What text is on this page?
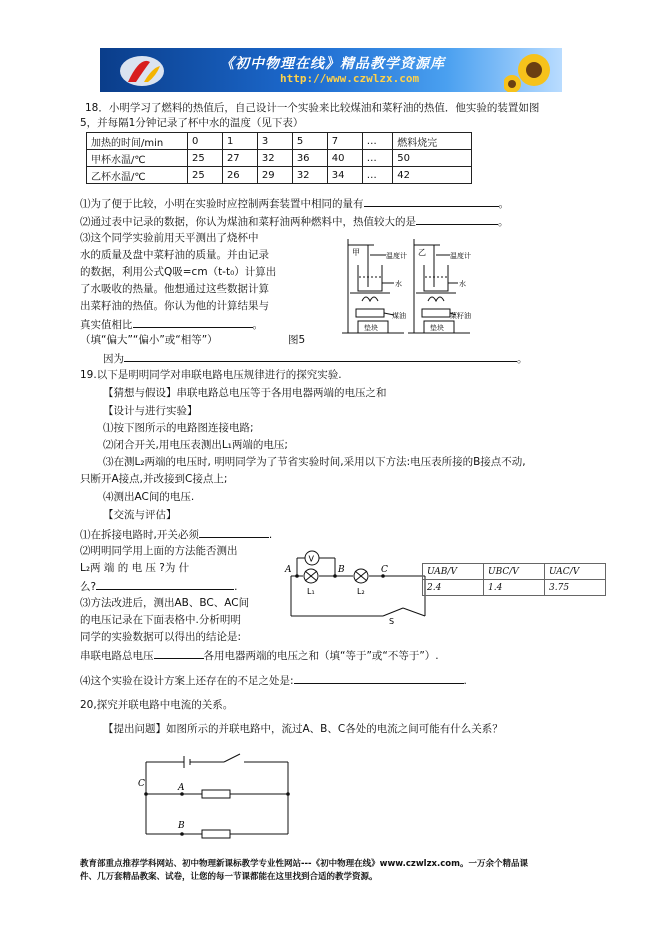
《初中物理在线》精品教学资源库
http://www.czwlzx.com
18．小明学习了燃料的热值后，自己设计一个实验来比较煤油和菜籽油的热值．他实验的装置如图
5，并每隔1分钟记录了杯中水的温度（见下表）
加热的时间/min	0	1	3	5	7	…	燃料烧完
甲杯水温/℃	25	27	32	36	40	…	50
乙杯水温/℃	25	26	29	32	34	…	42
⑴为了便于比较，小明在实验时应控制两套装置中相同的量有	。
⑵通过表中记录的数据，你认为煤油和菜籽油两种燃料中，热值较大的是	。
⑶这个同学实验前用天平测出了烧杯中
水的质量及盘中菜籽油的质量。并由记录
的数据，利用公式Q吸=cm（t-t₀）计算出
了水吸收的热量。他想通过这些数据计算
出菜籽油的热值。你认为他的计算结果与
真实值相比	。
（填“偏大”“偏小”或“相等”）	图5
因为	。
甲	乙
温度计	温度计
水	水
煤油	菜籽油
垫块	垫块
19.以下是明明同学对串联电路电压规律进行的探究实验.
【猜想与假设】串联电路总电压等于各用电器两端的电压之和
【设计与进行实验】
⑴按下图所示的电路图连接电路;
⑵闭合开关,用电压表测出L₁两端的电压;
⑶在测L₂两端的电压时, 明明同学为了节省实验时间,采用以下方法:电压表所接的B接点不动,
只断开A接点,并改接到C接点上;
⑷测出AC间的电压.
【交流与评估】
⑴在拆接电路时,开关必须	.
⑵明明同学用上面的方法能否测出
L₂两 端 的 电 压 ?为 什
么?	.
⑶方法改进后，测出AB、BC、AC间
的电压记录在下面表格中.分析明明
同学的实验数据可以得出的结论是:
串联电路总电压	各用电器两端的电压之和（填“等于”或“不等于”）.
⑷这个实验在设计方案上还存在的不足之处是:	.
V
A	B	C
L₁	L₂
S
UAB/V	UBC/V	UAC/V
2.4	1.4	3.75
20,探究并联电路中电流的关系。
【提出问题】如图所示的并联电路中，流过A、B、C各处的电流之间可能有什么关系？
C	A
B
教育部重点推荐学科网站、初中物理新课标教学专业性网站---《初中物理在线》www.czwlzx.com。一万余个精品课
件、几万套精品教案、试卷，让您的每一节课都能在这里找到合适的教学资源。
